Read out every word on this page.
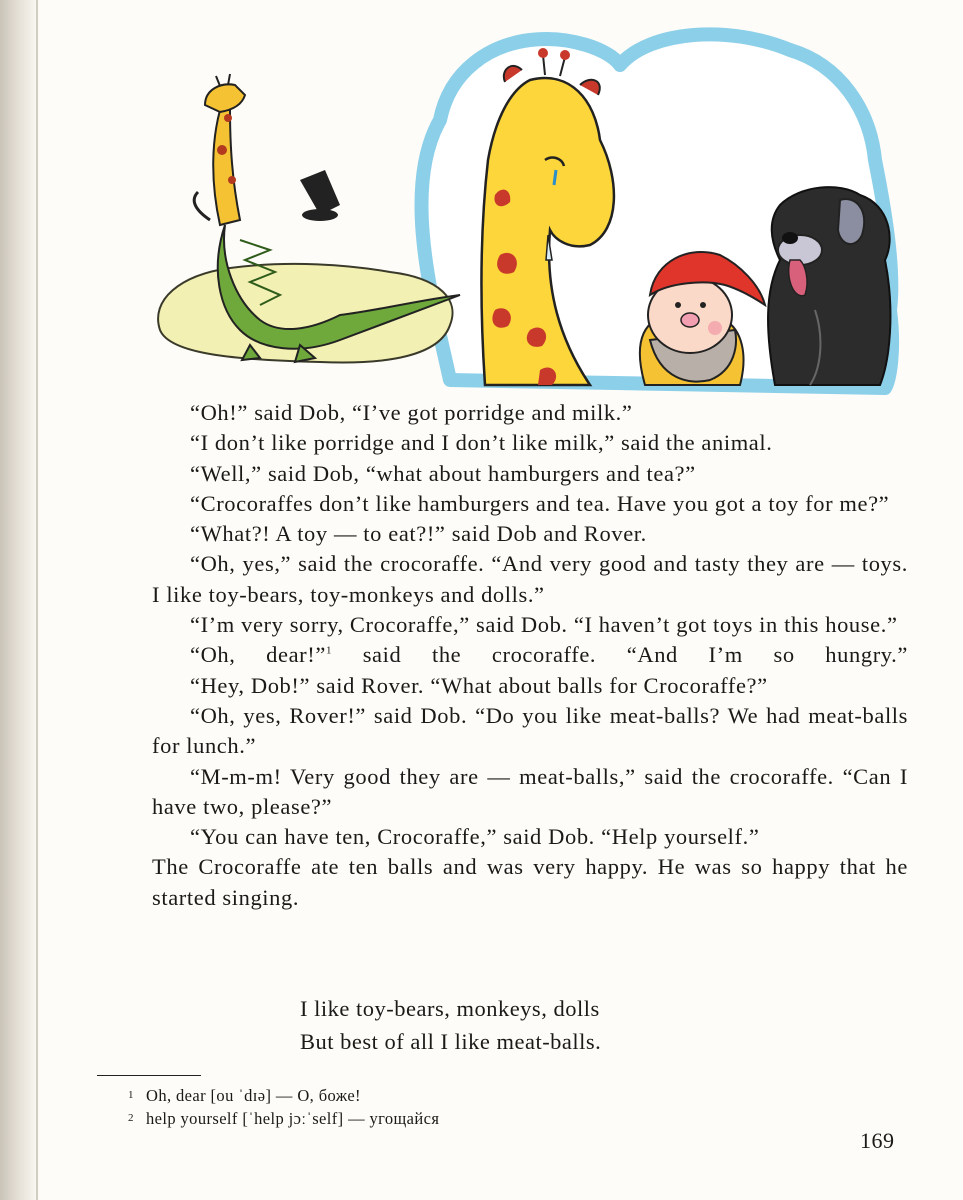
“Oh!” said Dob, “I’ve got porridge and milk.”
“I don’t like porridge and I don’t like milk,” said the animal.
“Well,” said Dob, “what about hamburgers and tea?”
“Crocoraffes don’t like hamburgers and tea. Have you got a toy for me?”
“What?! A toy — to eat?!” said Dob and Rover.
“Oh, yes,” said the crocoraffe. “And very good and tasty they are — toys. I like toy-bears, toy-monkeys and dolls.”
“I’m very sorry, Crocoraffe,” said Dob. “I haven’t got toys in this house.”
“Oh, dear!”$^1$ said the crocoraffe. “And I’m so hungry.”
“Hey, Dob!” said Rover. “What about balls for Crocoraffe?”
“Oh, yes, Rover!” said Dob. “Do you like meat-balls? We had meat-balls for lunch.”
“M-m-m! Very good they are — meat-balls,” said the crocoraffe. “Can I have two, please?”
“You can have ten, Crocoraffe,” said Dob. “Help yourself.”
The Crocoraffe ate ten balls and was very happy. He was so happy that he started singing.
I like toy-bears, monkeys, dolls
But best of all I like meat-balls.
1 Oh, dear [ou ˈdɪə] — О, боже!
2 help yourself [ˈhelp jɔːˈself] — угощайся
169
